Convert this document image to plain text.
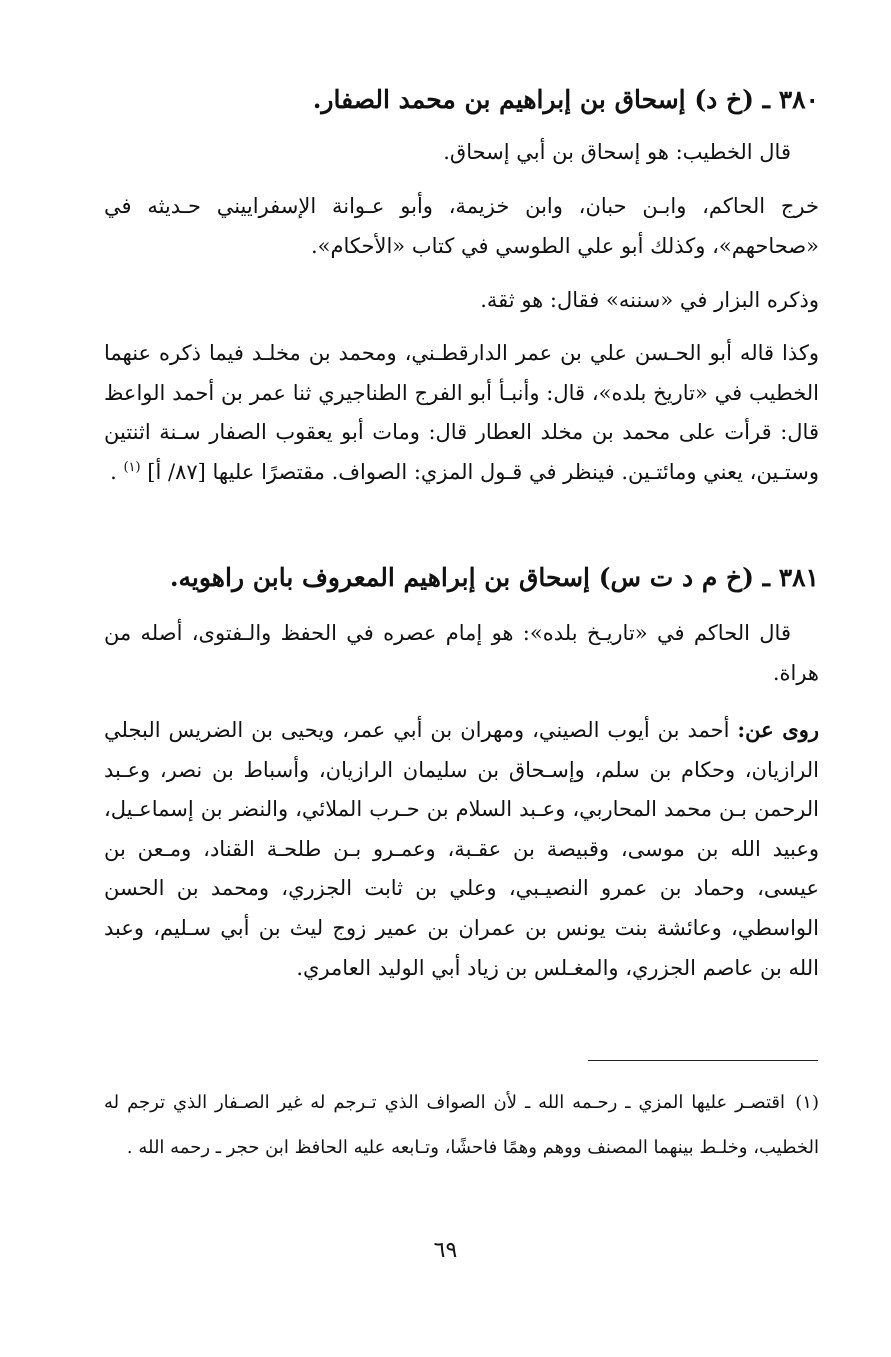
٣٨٠ ـ (خ د) إسحاق بن إبراهيم بن محمد الصفار.
قال الخطيب: هو إسحاق بن أبي إسحاق.
خرج الحاكم، وابـن حبان، وابن خزيمة، وأبو عـوانة الإسفراييني حـديثه في «صحاحهم»، وكذلك أبو علي الطوسي في كتاب «الأحكام».
وذكره البزار في «سننه» فقال: هو ثقة.
وكذا قاله أبو الحـسن علي بن عمر الدارقطـني، ومحمد بن مخلـد فيما ذكره عنهما الخطيب في «تاريخ بلده»، قال: وأنبـأ أبو الفرج الطناجيري ثنا عمر بن أحمد الواعظ قال: قرأت على محمد بن مخلد العطار قال: ومات أبو يعقوب الصفار سـنة اثنتين وستـين، يعني ومائتـين. فينظر في قـول المزي: الصواف. مقتصرًا عليها [٨٧/ أ] $^{(١)}$ .
٣٨١ ـ (خ م د ت س) إسحاق بن إبراهيم المعروف بابن راهويه.
قال الحاكم في «تاريـخ بلده»: هو إمام عصره في الحفظ والـفتوى، أصله من هراة.
روى عن: أحمد بن أيوب الصيني، ومهران بن أبي عمر، ويحيى بن الضريس البجلي الرازيان، وحكام بن سلم، وإسـحاق بن سليمان الرازيان، وأسباط بن نصر، وعـبد الرحمن بـن محمد المحاربي، وعـبد السلام بن حـرب الملائي، والنضر بن إسماعـيل، وعبيد الله بن موسى، وقبيصة بن عقـبة، وعمـرو بـن طلحـة القناد، ومـعن بن عيسى، وحماد بن عمرو النصيـبي، وعلي بن ثابت الجزري، ومحمد بن الحسن الواسطي، وعائشة بنت يونس بن عمران بن عمير زوج ليث بن أبي سـليم، وعبد الله بن عاصم الجزري، والمغـلس بن زياد أبي الوليد العامري.
(١)اقتصـر عليها المزي ـ رحـمه الله ـ لأن الصواف الذي تـرجم له غير الصـفار الذي ترجم له الخطيب، وخلـط بينهما المصنف ووهم وهمًا فاحشًا، وتـابعه عليه الحافظ ابن حجر ـ رحمه الله .
٦٩
